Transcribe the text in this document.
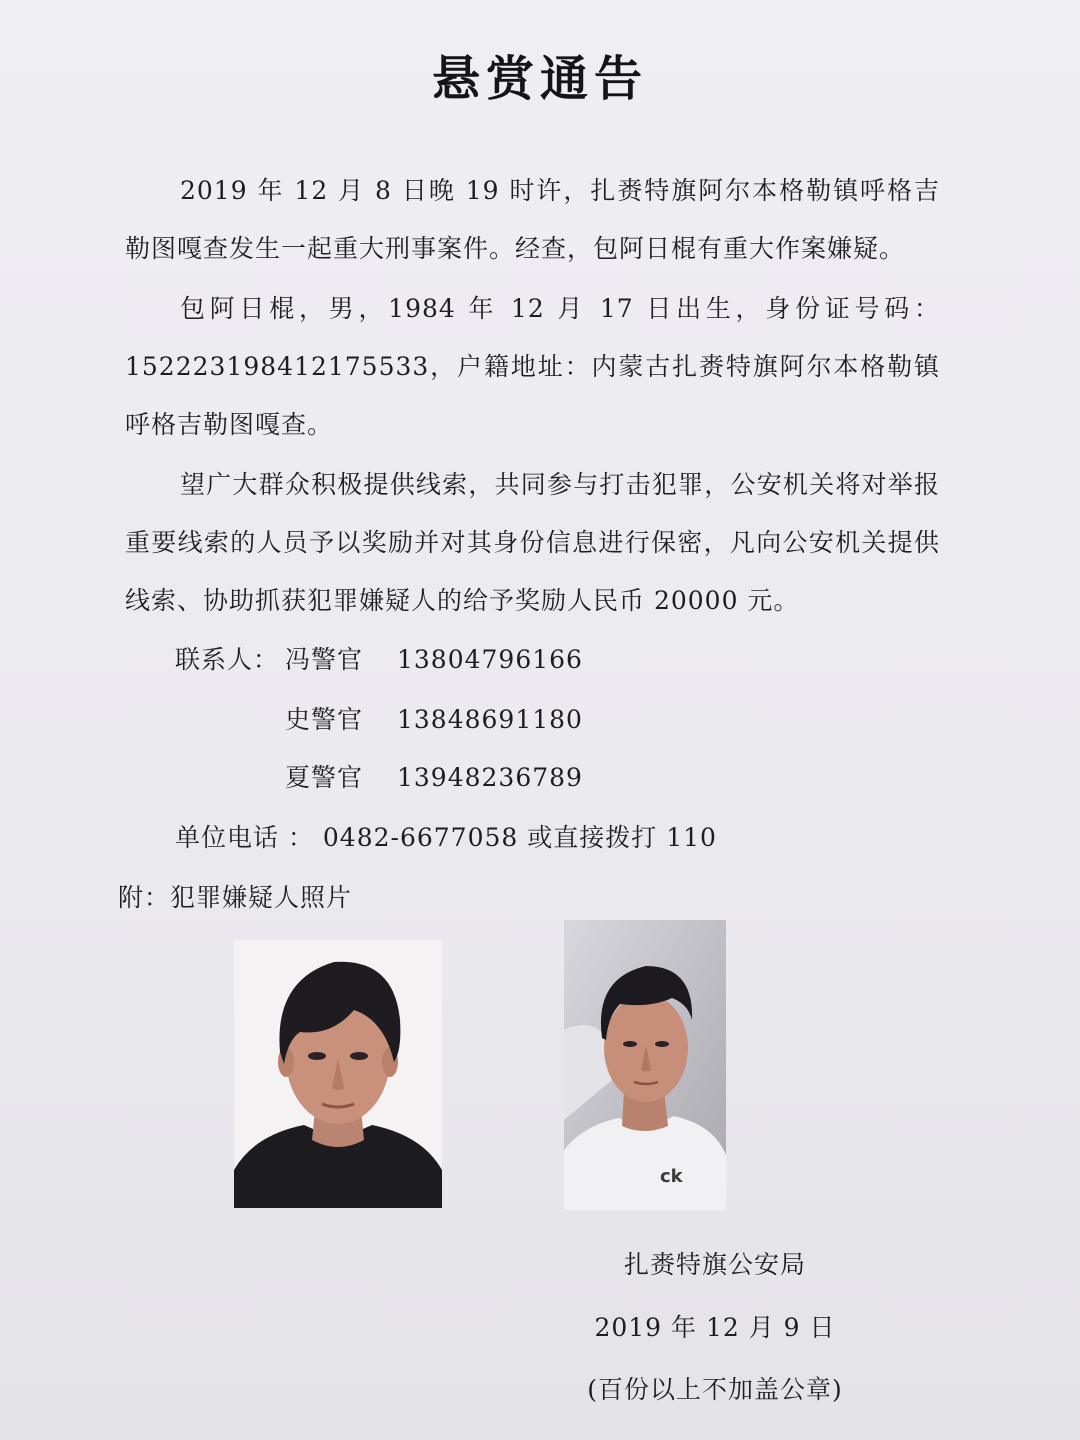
悬赏通告
2019 年 12 月 8 日晚 19 时许，扎赉特旗阿尔本格勒镇呼格吉勒图嘎查发生一起重大刑事案件。经查，包阿日棍有重大作案嫌疑。
包阿日棍，男，1984 年 12 月 17 日出生，身份证号码：152223198412175533，户籍地址：内蒙古扎赉特旗阿尔本格勒镇呼格吉勒图嘎查。
望广大群众积极提供线索，共同参与打击犯罪，公安机关将对举报重要线索的人员予以奖励并对其身份信息进行保密，凡向公安机关提供线索、协助抓获犯罪嫌疑人的给予奖励人民币 20000 元。
联系人： 冯警官 13804796166
史警官 13848691180
夏警官 13948236789
单位电话 ： 0482-6677058 或直接拨打 110
附：犯罪嫌疑人照片
ck
扎赉特旗公安局
2019 年 12 月 9 日
(百份以上不加盖公章)
